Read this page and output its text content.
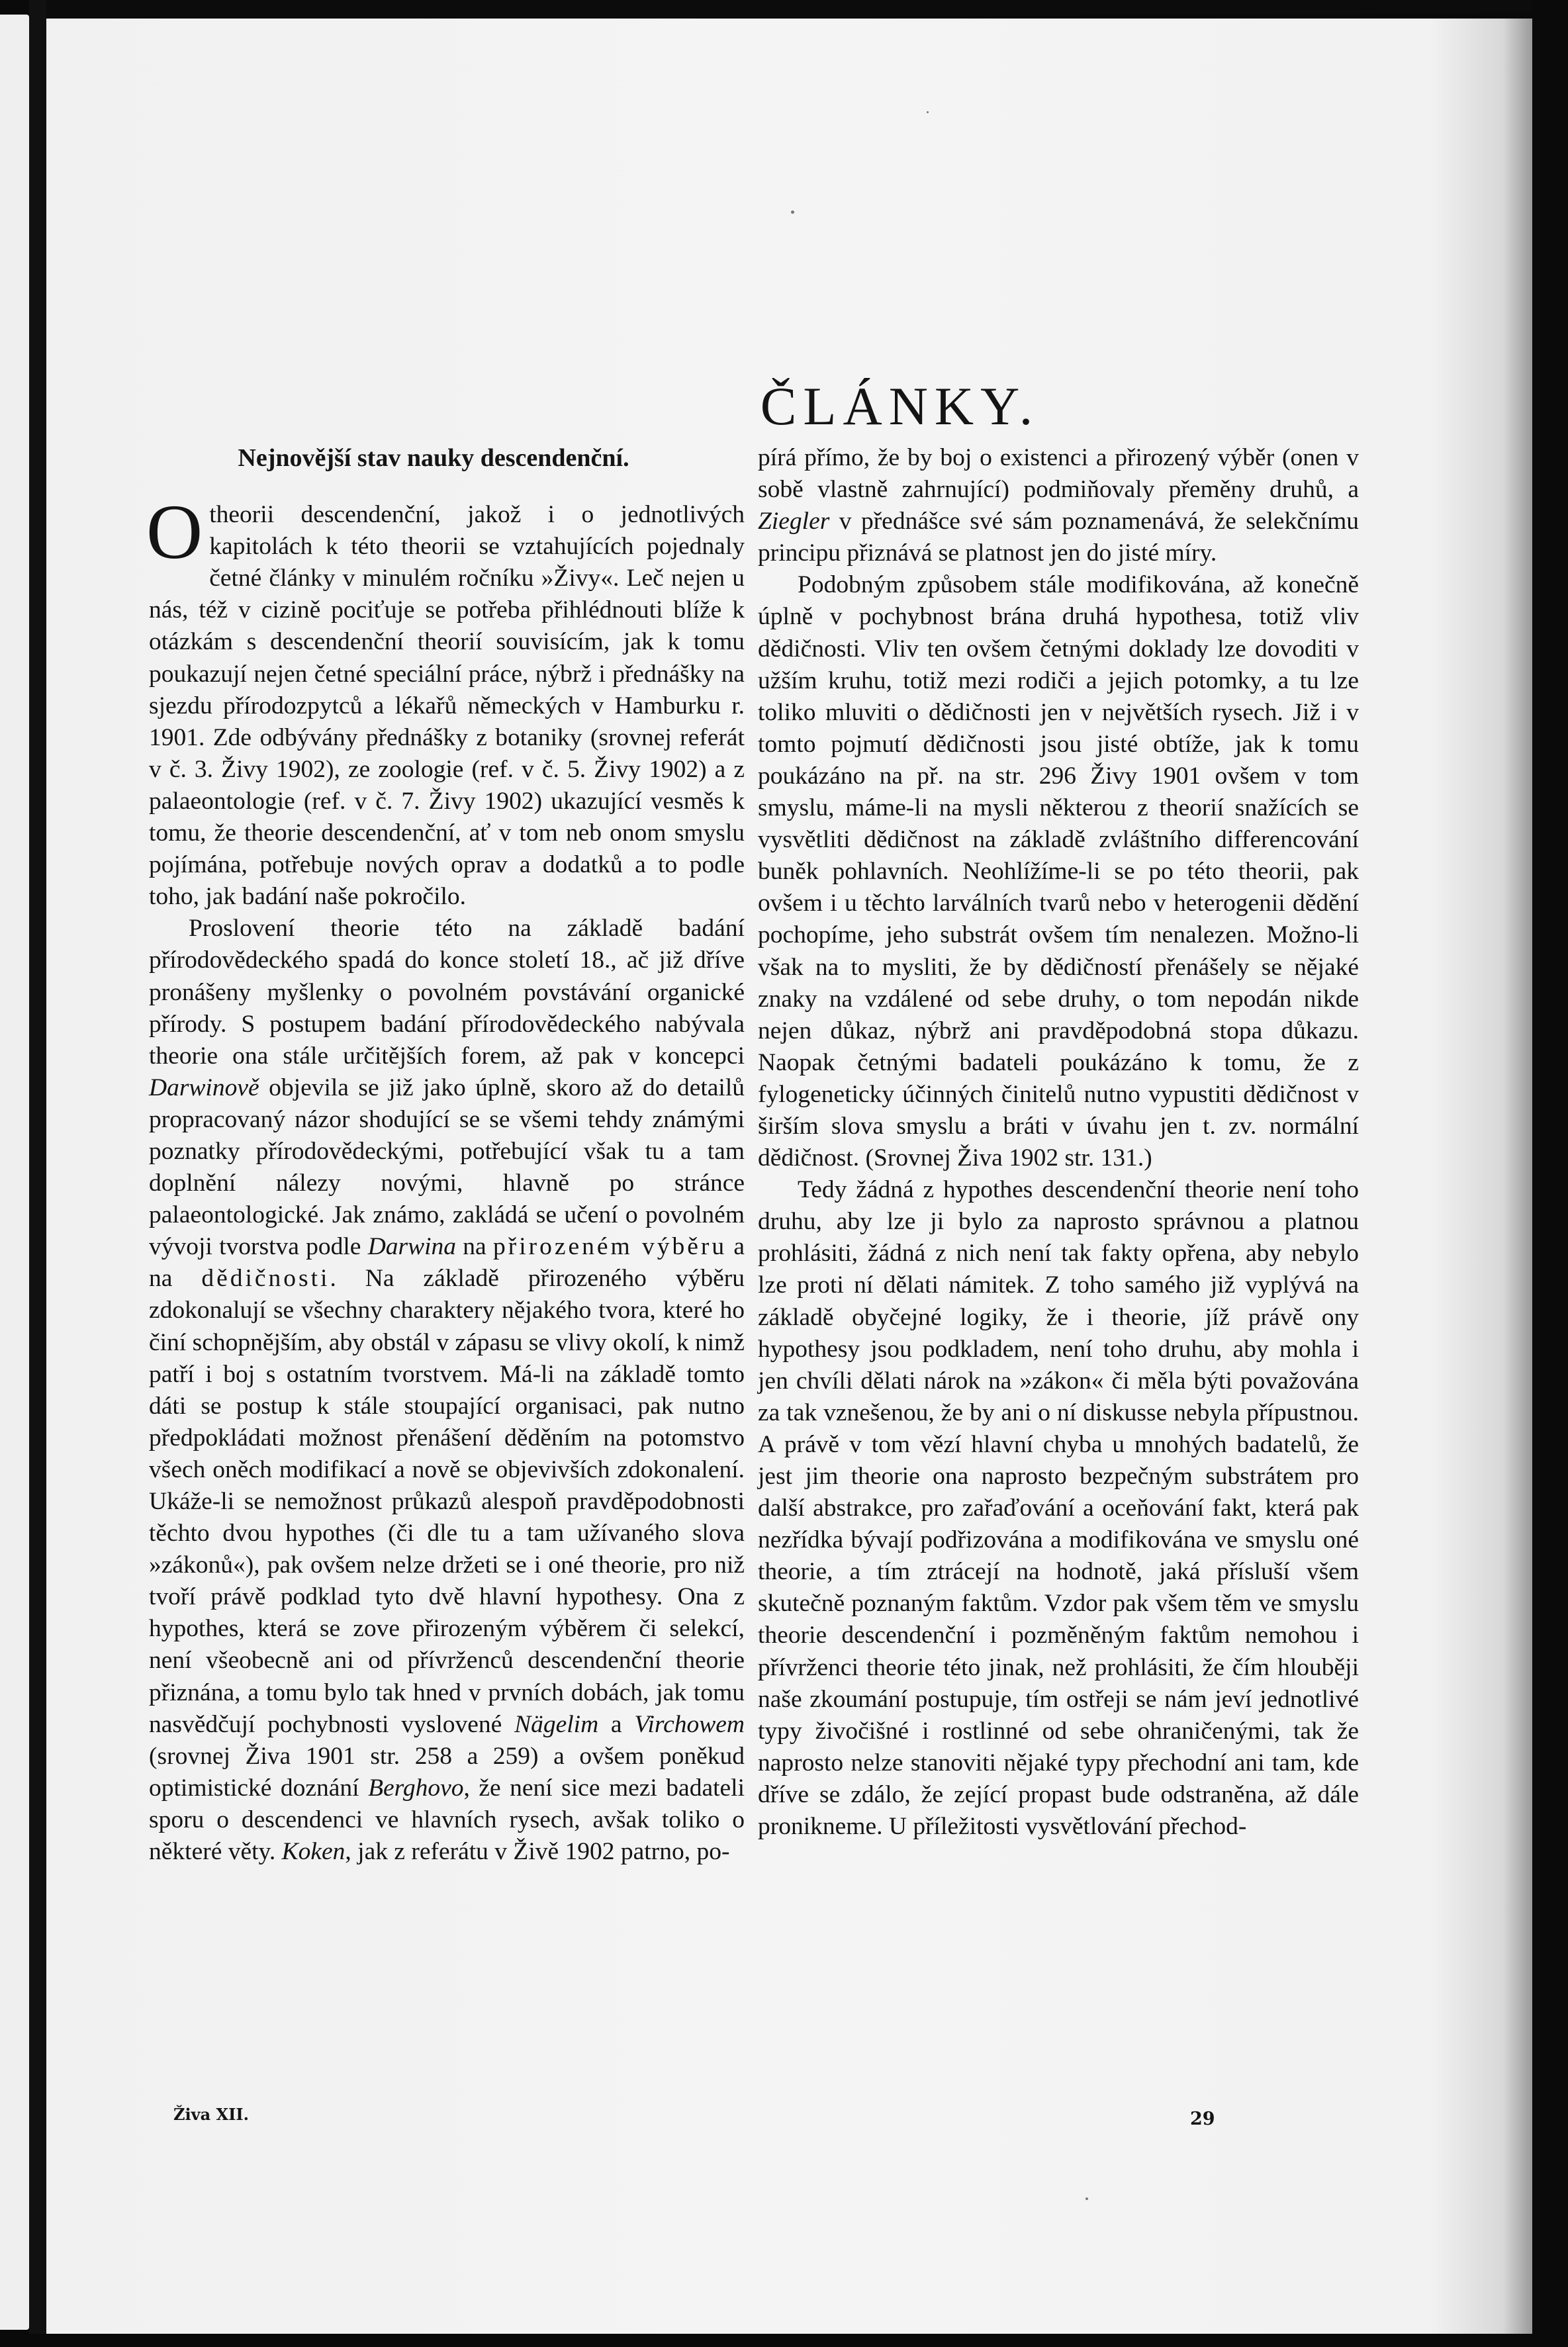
ČLÁNKY.
Nejnovější stav nauky descendenční.

O theorii descendenční, jakož i o jednotlivých kapitolách k této theorii se vztahujících pojednaly četné články v minulém ročníku »Živy«. Leč nejen u nás, též v cizině pociťuje se potřeba přihlédnouti blíže k otázkám s descendenční theorií souvisícím, jak k tomu poukazují nejen četné speciální práce, nýbrž i přednášky na sjezdu přírodozpytců a lékařů německých v Hamburku r. 1901. Zde odbývány přednášky z botaniky (srovnej referát v č. 3. Živy 1902), ze zoologie (ref. v č. 5. Živy 1902) a z palaeontologie (ref. v č. 7. Živy 1902) ukazující vesměs k tomu, že theorie descendenční, ať v tom neb onom smyslu pojímána, potřebuje nových oprav a dodatků a to podle toho, jak badání naše pokročilo.

Proslovení theorie této na základě badání přírodovědeckého spadá do konce století 18., ač již dříve pronášeny myšlenky o povolném povstávání organické přírody. S postupem badání přírodovědeckého nabývala theorie ona stále určitějších forem, až pak v koncepci Darwinově objevila se již jako úplně, skoro až do detailů propracovaný názor shodující se se všemi tehdy známými poznatky přírodovědeckými, potřebující však tu a tam doplnění nálezy novými, hlavně po stránce palaeontologické. Jak známo, zakládá se učení o povolném vývoji tvorstva podle Darwina na přirozeném výběru a na dědičnosti. Na základě přirozeného výběru zdokonalují se všechny charaktery nějakého tvora, které ho činí schopnějším, aby obstál v zápasu se vlivy okolí, k nimž patří i boj s ostatním tvorstvem. Má-li na základě tomto dáti se postup k stále stoupající organisaci, pak nutno předpokládati možnost přenášení děděním na potomstvo všech oněch modifikací a nově se objevivších zdokonalení. Ukáže-li se nemožnost průkazů alespoň pravděpodobnosti těchto dvou hypothes (či dle tu a tam užívaného slova »zákonů«), pak ovšem nelze držeti se i oné theorie, pro niž tvoří právě podklad tyto dvě hlavní hypothesy. Ona z hypothes, která se zove přirozeným výběrem či selekcí, není všeobecně ani od přívrženců descendenční theorie přiznána, a tomu bylo tak hned v prvních dobách, jak tomu nasvědčují pochybnosti vyslovené Nägelim a Virchowem (srovnej Živa 1901 str. 258 a 259) a ovšem poněkud optimistické doznání Berghovo, že není sice mezi badateli sporu o descendenci ve hlavních rysech, avšak toliko o některé věty. Koken, jak z referátu v Živě 1902 patrno, po-

pírá přímo, že by boj o existenci a přirozený výběr (onen v sobě vlastně zahrnující) podmiňovaly přeměny druhů, a Ziegler v přednášce své sám poznamenává, že selekčnímu principu přiznává se platnost jen do jisté míry.

Podobným způsobem stále modifikována, až konečně úplně v pochybnost brána druhá hypothesa, totiž vliv dědičnosti. Vliv ten ovšem četnými doklady lze dovoditi v užším kruhu, totiž mezi rodiči a jejich potomky, a tu lze toliko mluviti o dědičnosti jen v největších rysech. Již i v tomto pojmutí dědičnosti jsou jisté obtíže, jak k tomu poukázáno na př. na str. 296 Živy 1901 ovšem v tom smyslu, máme-li na mysli některou z theorií snažících se vysvětliti dědičnost na základě zvláštního differencování buněk pohlavních. Neohlížíme-li se po této theorii, pak ovšem i u těchto larválních tvarů nebo v heterogenii dědění pochopíme, jeho substrát ovšem tím nenalezen. Možno-li však na to mysliti, že by dědičností přenášely se nějaké znaky na vzdálené od sebe druhy, o tom nepodán nikde nejen důkaz, nýbrž ani pravděpodobná stopa důkazu. Naopak četnými badateli poukázáno k tomu, že z fylogeneticky účinných činitelů nutno vypustiti dědičnost v širším slova smyslu a bráti v úvahu jen t. zv. normální dědičnost. (Srovnej Živa 1902 str. 131.)

Tedy žádná z hypothes descendenční theorie není toho druhu, aby lze ji bylo za naprosto správnou a platnou prohlásiti, žádná z nich není tak fakty opřena, aby nebylo lze proti ní dělati námitek. Z toho samého již vyplývá na základě obyčejné logiky, že i theorie, jíž právě ony hypothesy jsou podkladem, není toho druhu, aby mohla i jen chvíli dělati nárok na »zákon« či měla býti považována za tak vznešenou, že by ani o ní diskusse nebyla přípustnou. A právě v tom vězí hlavní chyba u mnohých badatelů, že jest jim theorie ona naprosto bezpečným substrátem pro další abstrakce, pro zařaďování a oceňování fakt, která pak nezřídka bývají podřizována a modifikována ve smyslu oné theorie, a tím ztrácejí na hodnotě, jaká přísluší všem skutečně poznaným faktům. Vzdor pak všem těm ve smyslu theorie descendenční i pozměněným faktům nemohou i přívrženci theorie této jinak, než prohlásiti, že čím hlouběji naše zkoumání postupuje, tím ostřeji se nám jeví jednotlivé typy živočišné i rostlinné od sebe ohraničenými, tak že naprosto nelze stanoviti nějaké typy přechodní ani tam, kde dříve se zdálo, že zející propast bude odstraněna, až dále pronikneme. U příležitosti vysvětlování přechod-

Živa XII.	29
